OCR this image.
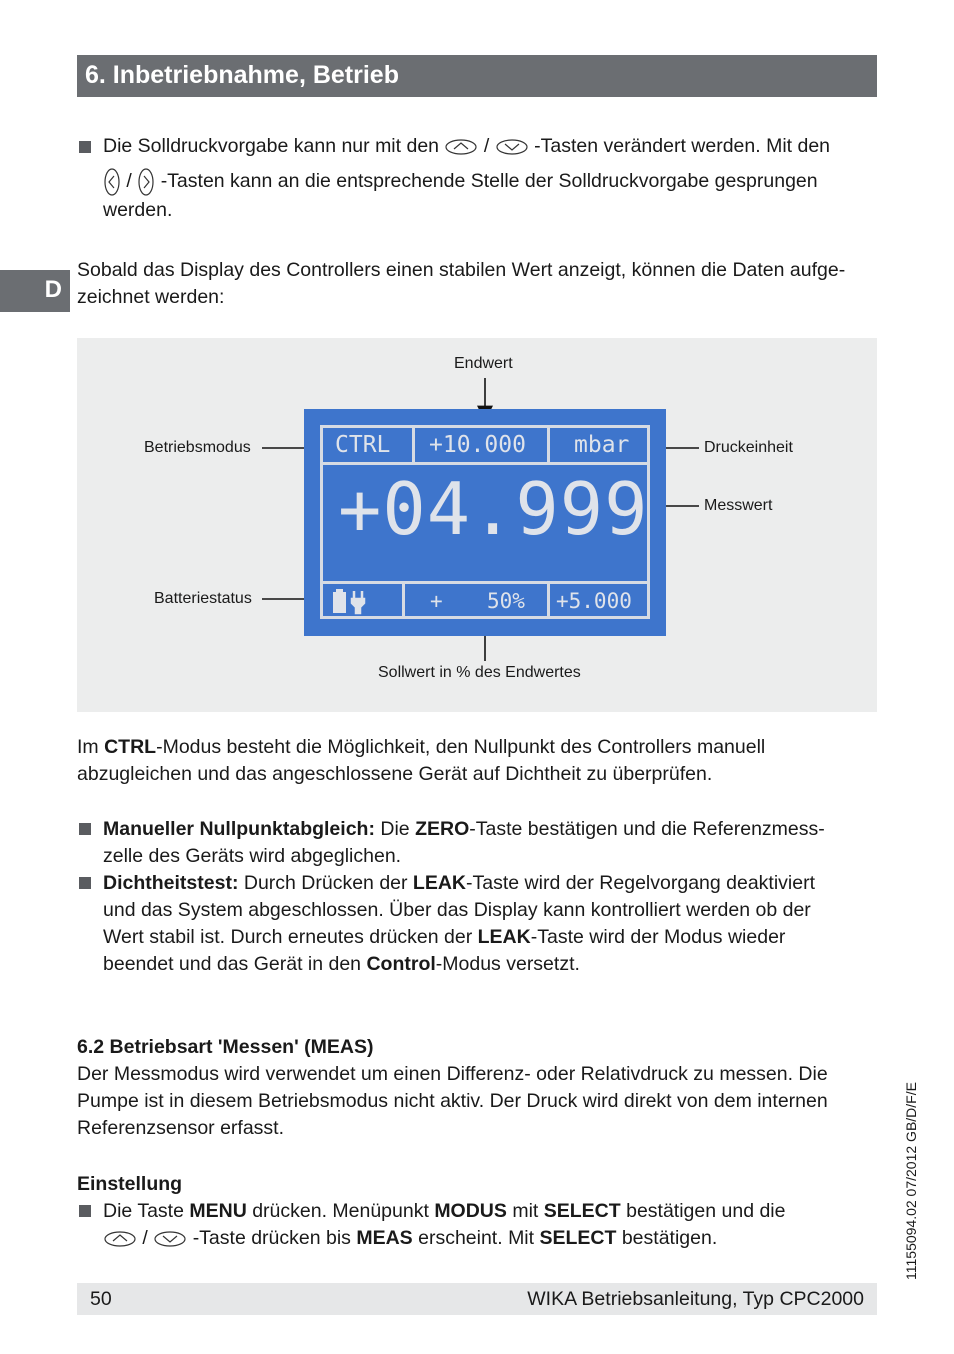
6. Inbetriebnahme, Betrieb
D

Die Solldruckvorgabe kann nur mit den / -Tasten verändert werden. Mit den

/ -Tasten kann an die entsprechende Stelle der Solldruckvorgabe gesprungen

werden.

Sobald das Display des Controllers einen stabilen Wert anzeigt, können die Daten aufge-

zeichnet werden:

Endwert
Betriebsmodus	Druckeinheit
Messwert
Batteriestatus
Sollwert in % des Endwertes
CTRL +10.000 mbar
+04.999
+ 50% +5.000

Im CTRL-Modus besteht die Möglichkeit, den Nullpunkt des Controllers manuell

abzugleichen und das angeschlossene Gerät auf Dichtheit zu überprüfen.

Manueller Nullpunktabgleich: Die ZERO-Taste bestätigen und die Referenzmess-

zelle des Geräts wird abgeglichen.

Dichtheitstest: Durch Drücken der LEAK-Taste wird der Regelvorgang deaktiviert

und das System abgeschlossen. Über das Display kann kontrolliert werden ob der

Wert stabil ist. Durch erneutes drücken der LEAK-Taste wird der Modus wieder

beendet und das Gerät in den Control-Modus versetzt.

6.2 Betriebsart 'Messen' (MEAS)

Der Messmodus wird verwendet um einen Differenz- oder Relativdruck zu messen. Die

Pumpe ist in diesem Betriebsmodus nicht aktiv. Der Druck wird direkt von dem internen

Referenzsensor erfasst.

Einstellung

Die Taste MENU drücken. Menüpunkt MODUS mit SELECT bestätigen und die

/ -Taste drücken bis MEAS erscheint. Mit SELECT bestätigen.	11155094.02 07/2012 GB/D/F/E
50	WIKA Betriebsanleitung, Typ CPC2000
